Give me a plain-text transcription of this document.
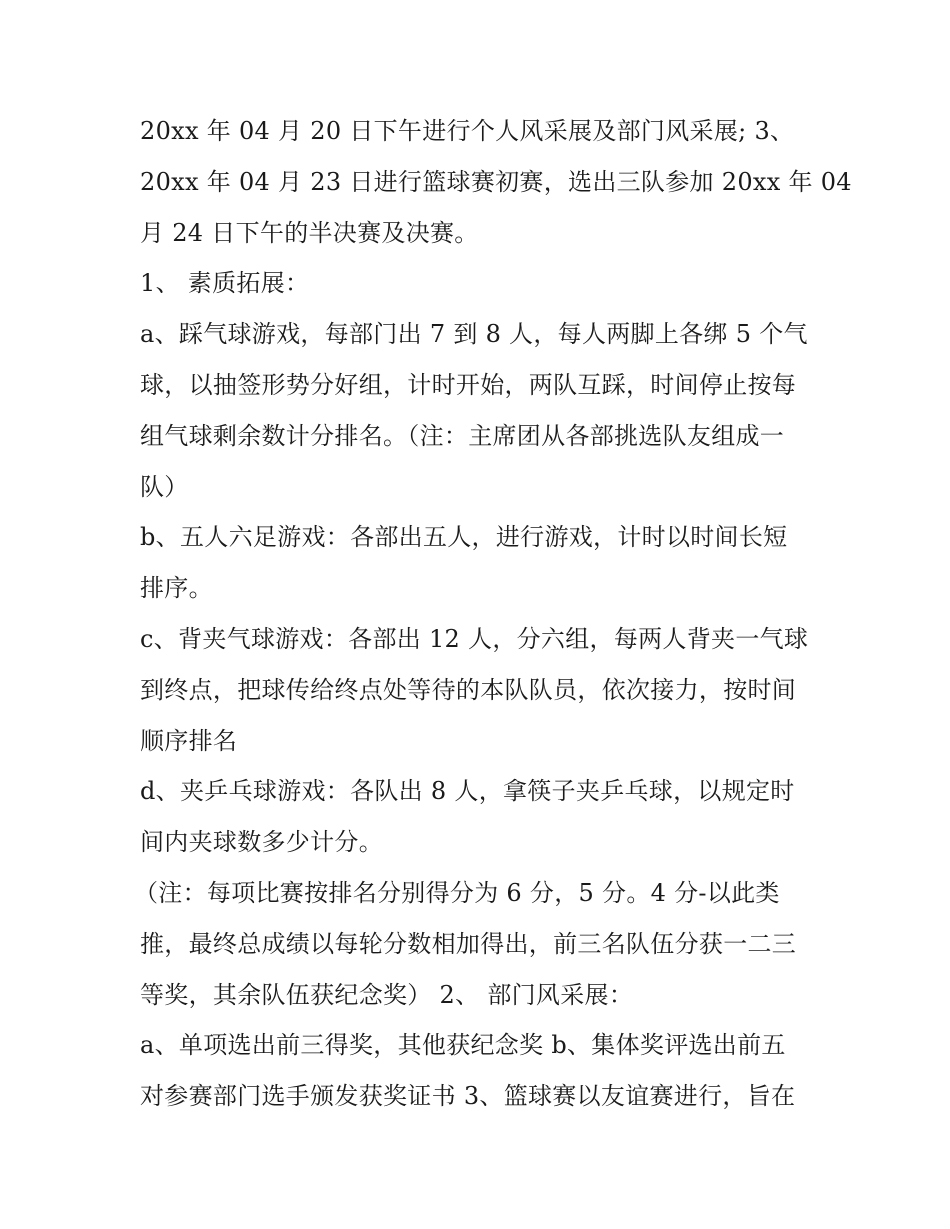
20xx 年 04 月 20 日下午进行个人风采展及部门风采展; 3、
20xx 年 04 月 23 日进行篮球赛初赛，选出三队参加 20xx 年 04
月 24 日下午的半决赛及决赛。
1、 素质拓展：
a、踩气球游戏，每部门出 7 到 8 人，每人两脚上各绑 5 个气
球，以抽签形势分好组，计时开始，两队互踩，时间停止按每
组气球剩余数计分排名。（注：主席团从各部挑选队友组成一
队）
b、五人六足游戏：各部出五人，进行游戏，计时以时间长短
排序。
c、背夹气球游戏：各部出 12 人，分六组，每两人背夹一气球
到终点，把球传给终点处等待的本队队员，依次接力，按时间
顺序排名
d、夹乒乓球游戏：各队出 8 人，拿筷子夹乒乓球，以规定时
间内夹球数多少计分。
（注：每项比赛按排名分别得分为 6 分，5 分。4 分-以此类
推，最终总成绩以每轮分数相加得出，前三名队伍分获一二三
等奖，其余队伍获纪念奖） 2、 部门风采展：
a、单项选出前三得奖，其他获纪念奖 b、集体奖评选出前五
对参赛部门选手颁发获奖证书 3、篮球赛以友谊赛进行，旨在
